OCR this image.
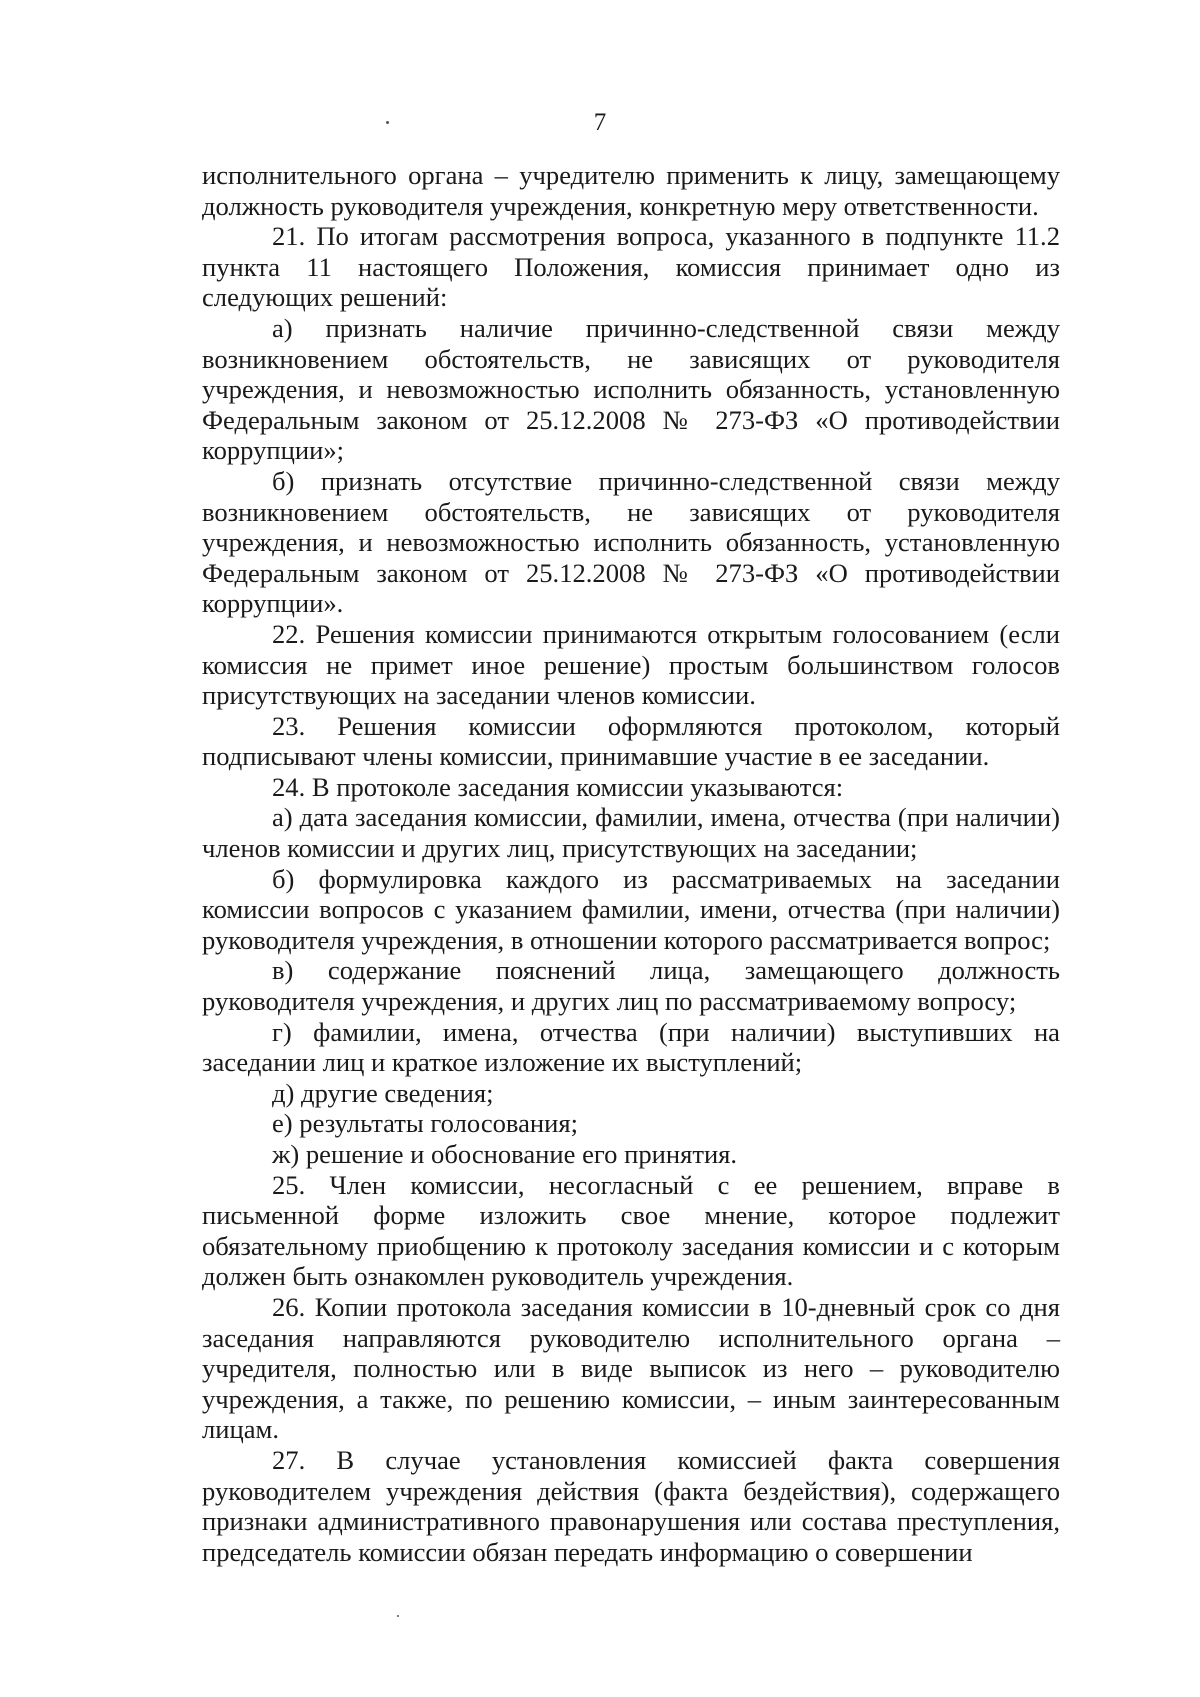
7

исполнительного органа – учредителю применить к лицу, замещающему должность руководителя учреждения, конкретную меру ответственности.

21. По итогам рассмотрения вопроса, указанного в подпункте 11.2 пункта 11 настоящего Положения, комиссия принимает одно из следующих решений:

а) признать наличие причинно-следственной связи между возникновением обстоятельств, не зависящих от руководителя учреждения, и невозможностью исполнить обязанность, установленную Федеральным законом от 25.12.2008 № 273-ФЗ «О противодействии коррупции»;

б) признать отсутствие причинно-следственной связи между возникновением обстоятельств, не зависящих от руководителя учреждения, и невозможностью исполнить обязанность, установленную Федеральным законом от 25.12.2008 № 273-ФЗ «О противодействии коррупции».

22. Решения комиссии принимаются открытым голосованием (если комиссия не примет иное решение) простым большинством голосов присутствующих на заседании членов комиссии.

23. Решения комиссии оформляются протоколом, который подписывают члены комиссии, принимавшие участие в ее заседании.

24. В протоколе заседания комиссии указываются:

а) дата заседания комиссии, фамилии, имена, отчества (при наличии) членов комиссии и других лиц, присутствующих на заседании;

б) формулировка каждого из рассматриваемых на заседании комиссии вопросов с указанием фамилии, имени, отчества (при наличии) руководителя учреждения, в отношении которого рассматривается вопрос;

в) содержание пояснений лица, замещающего должность руководителя учреждения, и других лиц по рассматриваемому вопросу;

г) фамилии, имена, отчества (при наличии) выступивших на заседании лиц и краткое изложение их выступлений;

д) другие сведения;

е) результаты голосования;

ж) решение и обоснование его принятия.

25. Член комиссии, несогласный с ее решением, вправе в письменной форме изложить свое мнение, которое подлежит обязательному приобщению к протоколу заседания комиссии и с которым должен быть ознакомлен руководитель учреждения.

26. Копии протокола заседания комиссии в 10-дневный срок со дня заседания направляются руководителю исполнительного органа – учредителя, полностью или в виде выписок из него – руководителю учреждения, а также, по решению комиссии, – иным заинтересованным лицам.

27. В случае установления комиссией факта совершения руководителем учреждения действия (факта бездействия), содержащего признаки административного правонарушения или состава преступления, председатель комиссии обязан передать информацию о совершении
